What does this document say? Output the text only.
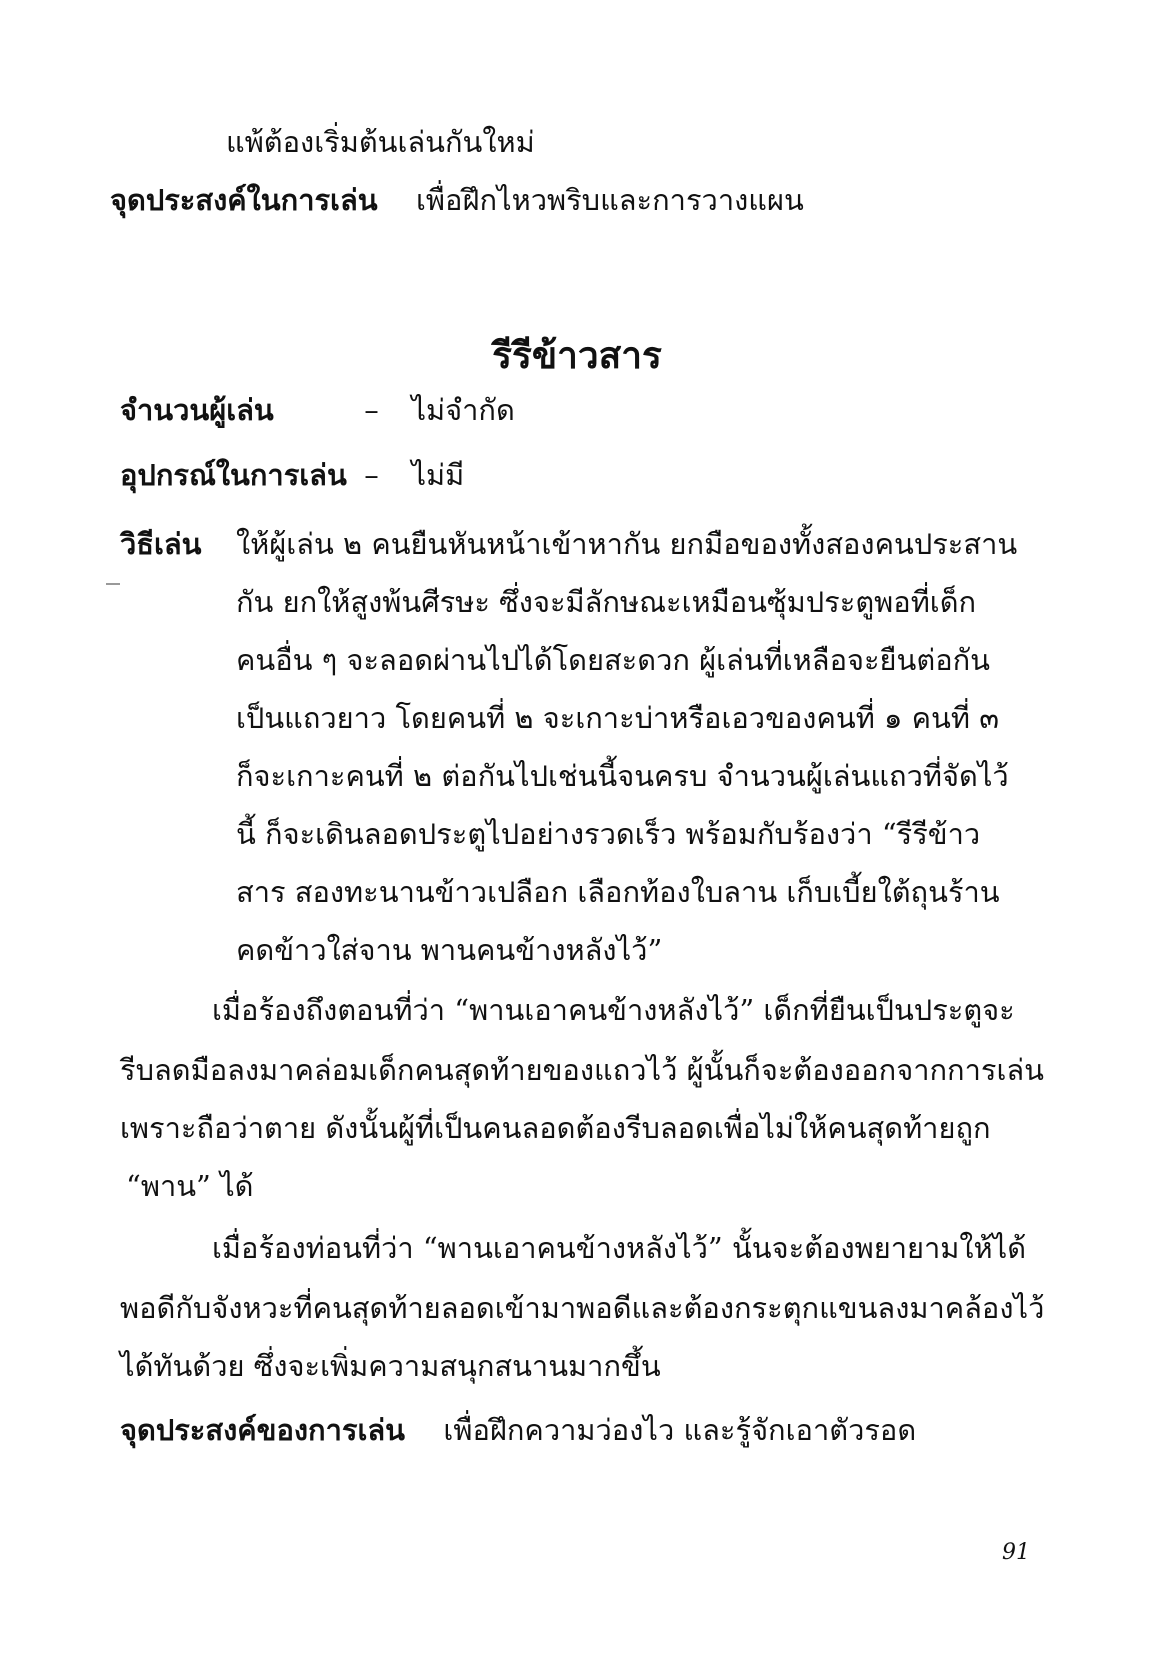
แพ้ต้องเริ่มต้นเล่นกันใหม่
จุดประสงค์ในการเล่น เพื่อฝึกไหวพริบและการวางแผน
รีรีข้าวสาร
จำนวนผู้เล่น	– ไม่จำกัด
อุปกรณ์ในการเล่น – ไม่มี
วิธีเล่น ให้ผู้เล่น ๒ คนยืนหันหน้าเข้าหากัน ยกมือของทั้งสองคนประสาน
กัน ยกให้สูงพ้นศีรษะ ซึ่งจะมีลักษณะเหมือนซุ้มประตูพอที่เด็ก
คนอื่น ๆ จะลอดผ่านไปได้โดยสะดวก ผู้เล่นที่เหลือจะยืนต่อกัน
เป็นแถวยาว โดยคนที่ ๒ จะเกาะบ่าหรือเอวของคนที่ ๑ คนที่ ๓
ก็จะเกาะคนที่ ๒ ต่อกันไปเช่นนี้จนครบ จำนวนผู้เล่นแถวที่จัดไว้
นี้ ก็จะเดินลอดประตูไปอย่างรวดเร็ว พร้อมกับร้องว่า “รีรีข้าว
สาร สองทะนานข้าวเปลือก เลือกท้องใบลาน เก็บเบี้ยใต้ถุนร้าน
คดข้าวใส่จาน พานคนข้างหลังไว้”
เมื่อร้องถึงตอนที่ว่า “พานเอาคนข้างหลังไว้” เด็กที่ยืนเป็นประตูจะ
รีบลดมือลงมาคล่อมเด็กคนสุดท้ายของแถวไว้ ผู้นั้นก็จะต้องออกจากการเล่น
เพราะถือว่าตาย ดังนั้นผู้ที่เป็นคนลอดต้องรีบลอดเพื่อไม่ให้คนสุดท้ายถูก
“พาน” ได้
เมื่อร้องท่อนที่ว่า “พานเอาคนข้างหลังไว้” นั้นจะต้องพยายามให้ได้
พอดีกับจังหวะที่คนสุดท้ายลอดเข้ามาพอดีและต้องกระตุกแขนลงมาคล้องไว้
ได้ทันด้วย ซึ่งจะเพิ่มความสนุกสนานมากขึ้น
จุดประสงค์ของการเล่น เพื่อฝึกความว่องไว และรู้จักเอาตัวรอด
91
